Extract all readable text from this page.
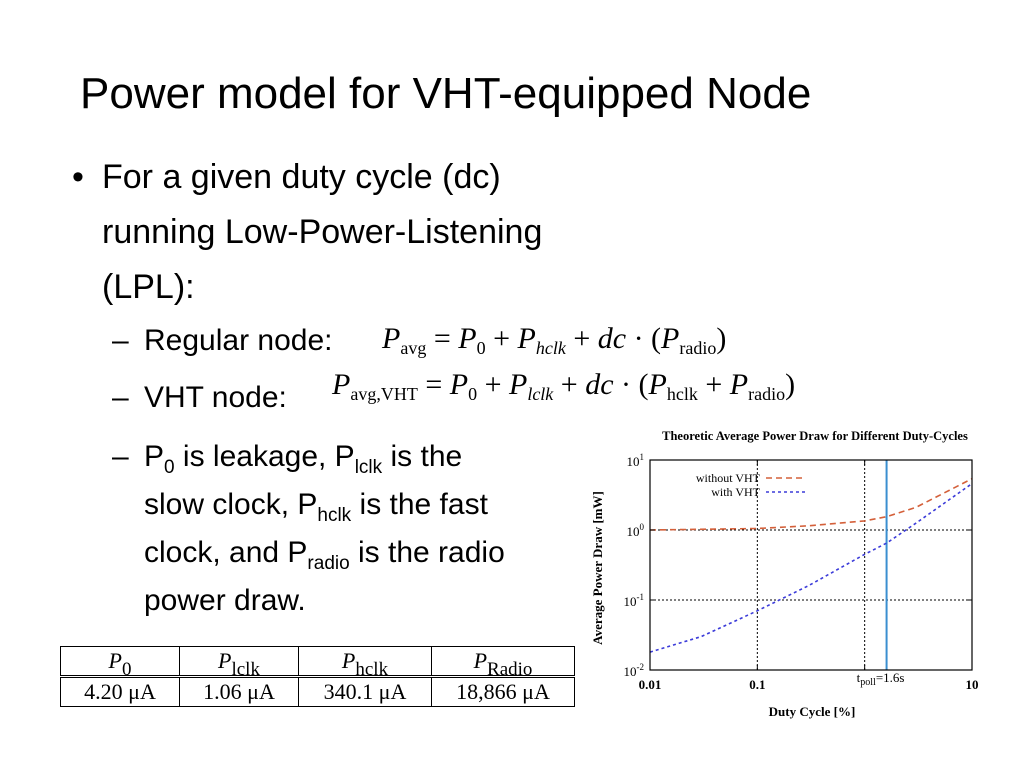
Power model for VHT-equipped Node
• For a given duty cycle (dc) running Low-Power-Listening (LPL):
– Regular node: $P_{avg} = P_0 + P_{hclk}$ + dc · $(P_{radio})$
– VHT node: $P_{avg,VHT} = P_0 + P_{lclk}$ + dc · $(P_{hclk} + P_{radio})$
– $P_0$ is leakage, $P_{lclk}$ is the slow clock, $P_{hclk}$ is the fast clock, and $P_{radio}$ is the radio power draw.
$P_0$	$P_{lclk}$	$P_{hclk}$	$P_{Radio}$
4.20 μA	1.06 μA	340.1 μA	18,866 μA
Theoretic Average Power Draw for Different Duty-Cycles
Duty Cycle [%]
Average Power Draw [mW]
0.01	0.1	10
$10^{-2}$
$10^{-1}$
$10^0$
$10^1$
$t_{poll}=1.6s$
without VHT
with VHT
